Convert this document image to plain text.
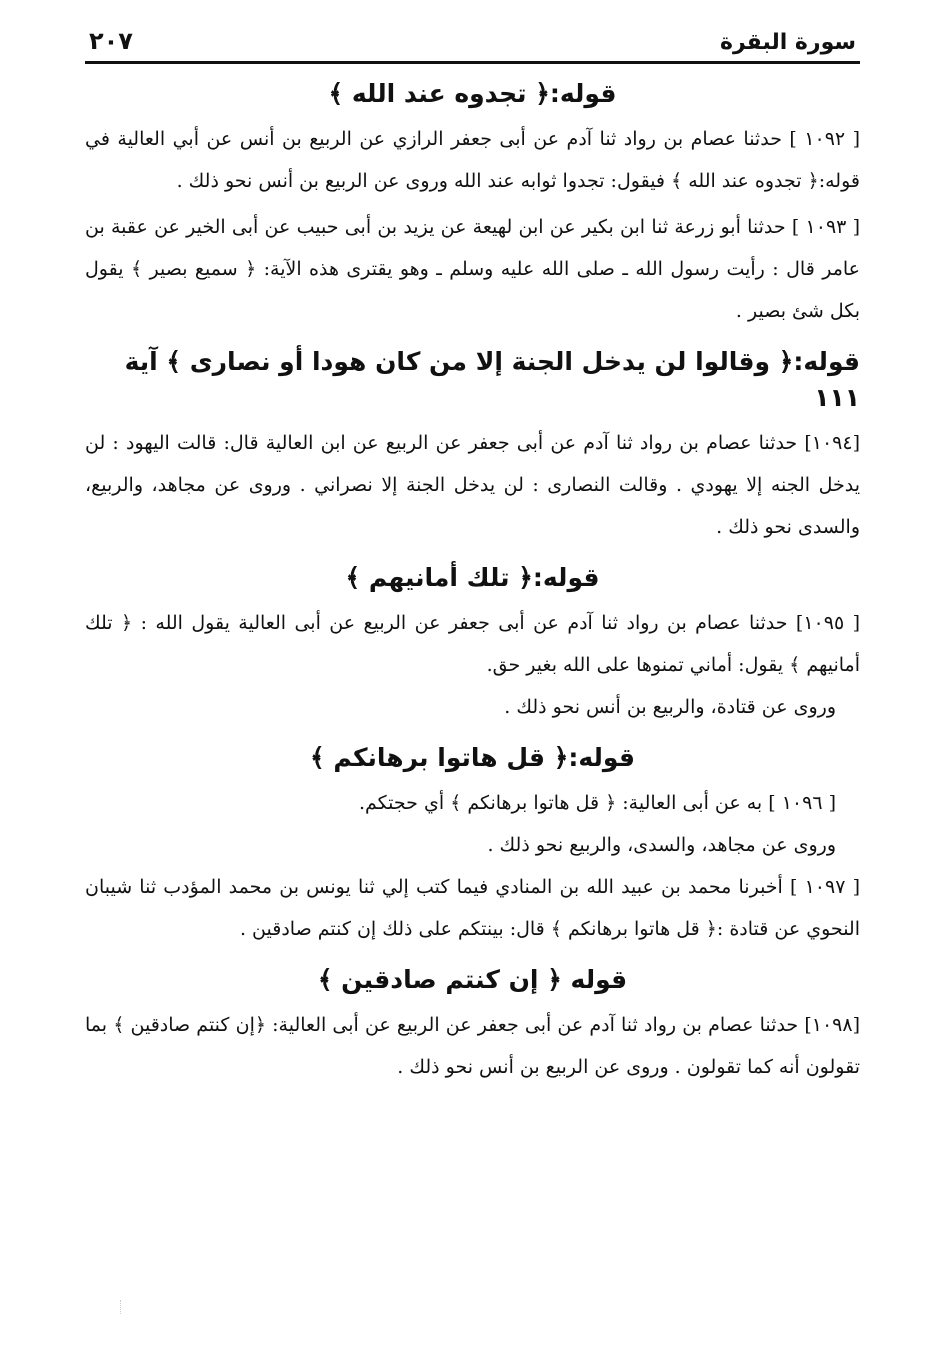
سورة البقرة
٢٠٧
قوله:﴿ تجدوه عند الله ﴾

[ ١٠٩٢ ] حدثنا عصام بن رواد ثنا آدم عن أبى جعفر الرازي عن الربيع بن أنس عن أبي العالية في قوله:﴿ تجدوه عند الله ﴾ فيقول: تجدوا ثوابه عند الله وروى عن الربيع بن أنس نحو ذلك .

[ ١٠٩٣ ] حدثنا أبو زرعة ثنا ابن بكير عن ابن لهيعة عن يزيد بن أبى حبيب عن أبى الخير عن عقبة بن عامر قال : رأيت رسول الله ـ صلى الله عليه وسلم ـ وهو يقترى هذه الآية: ﴿ سميع بصير ﴾ يقول بكل شئ بصير .

قوله:﴿ وقالوا لن يدخل الجنة إلا من كان هودا أو نصارى ﴾ آية ١١١

[١٠٩٤] حدثنا عصام بن رواد ثنا آدم عن أبى جعفر عن الربيع عن ابن العالية قال: قالت اليهود : لن يدخل الجنه إلا يهودي . وقالت النصارى : لن يدخل الجنة إلا نصراني . وروى عن مجاهد، والربيع، والسدى نحو ذلك .

قوله:﴿ تلك أمانيهم ﴾

[ ١٠٩٥] حدثنا عصام بن رواد ثنا آدم عن أبى جعفر عن الربيع عن أبى العالية يقول الله : ﴿ تلك أمانيهم ﴾ يقول: أماني تمنوها على الله بغير حق.

وروى عن قتادة، والربيع بن أنس نحو ذلك .

قوله:﴿ قل هاتوا برهانكم ﴾

[ ١٠٩٦ ] به عن أبى العالية: ﴿ قل هاتوا برهانكم ﴾ أي حجتكم.

وروى عن مجاهد، والسدى، والربيع نحو ذلك .

[ ١٠٩٧ ] أخبرنا محمد بن عبيد الله بن المنادي فيما كتب إلي ثنا يونس بن محمد المؤدب ثنا شيبان النحوي عن قتادة :﴿ قل هاتوا برهانكم ﴾ قال: بينتكم على ذلك إن كنتم صادقين .

قوله ﴿ إن كنتم صادقين ﴾

[١٠٩٨] حدثنا عصام بن رواد ثنا آدم عن أبى جعفر عن الربيع عن أبى العالية: ﴿إن كنتم صادقين ﴾ بما تقولون أنه كما تقولون . وروى عن الربيع بن أنس نحو ذلك .
